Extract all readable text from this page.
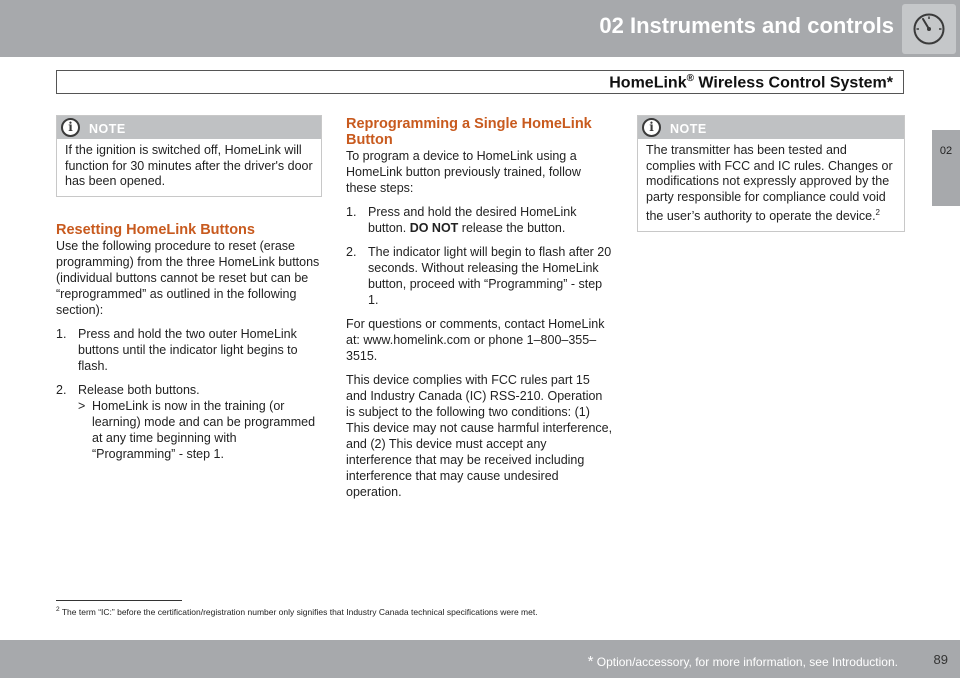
02 Instruments and controls
HomeLink® Wireless Control System*
02
i	NOTE
If the ignition is switched off, HomeLink will function for 30 minutes after the driver's door has been opened.
Resetting HomeLink Buttons

Use the following procedure to reset (erase programming) from the three HomeLink buttons (individual buttons cannot be reset but can be “reprogrammed” as outlined in the following section):

1. Press and hold the two outer HomeLink buttons until the indicator light begins to flash.
2. Release both buttons.
> HomeLink is now in the training (or learning) mode and can be programmed at any time beginning with “Programming” - step 1.
Reprogramming a Single HomeLink Button

To program a device to HomeLink using a HomeLink button previously trained, follow these steps:

1. Press and hold the desired HomeLink button. DO NOT release the button.
2. The indicator light will begin to flash after 20 seconds. Without releasing the HomeLink button, proceed with “Programming” - step 1.

For questions or comments, contact HomeLink at: www.homelink.com or phone 1–800–355–3515.

This device complies with FCC rules part 15 and Industry Canada (IC) RSS-210. Operation is subject to the following two conditions: (1) This device may not cause harmful interference, and (2) This device must accept any interference that may be received including interference that may cause undesired operation.

i	NOTE
The transmitter has been tested and complies with FCC and IC rules. Changes or modifications not expressly approved by the party responsible for compliance could void the user’s authority to operate the device.$^2$
$^2$ The term “IC:” before the certification/registration number only signifies that Industry Canada technical specifications were met.
* Option/accessory, for more information, see Introduction.	89
